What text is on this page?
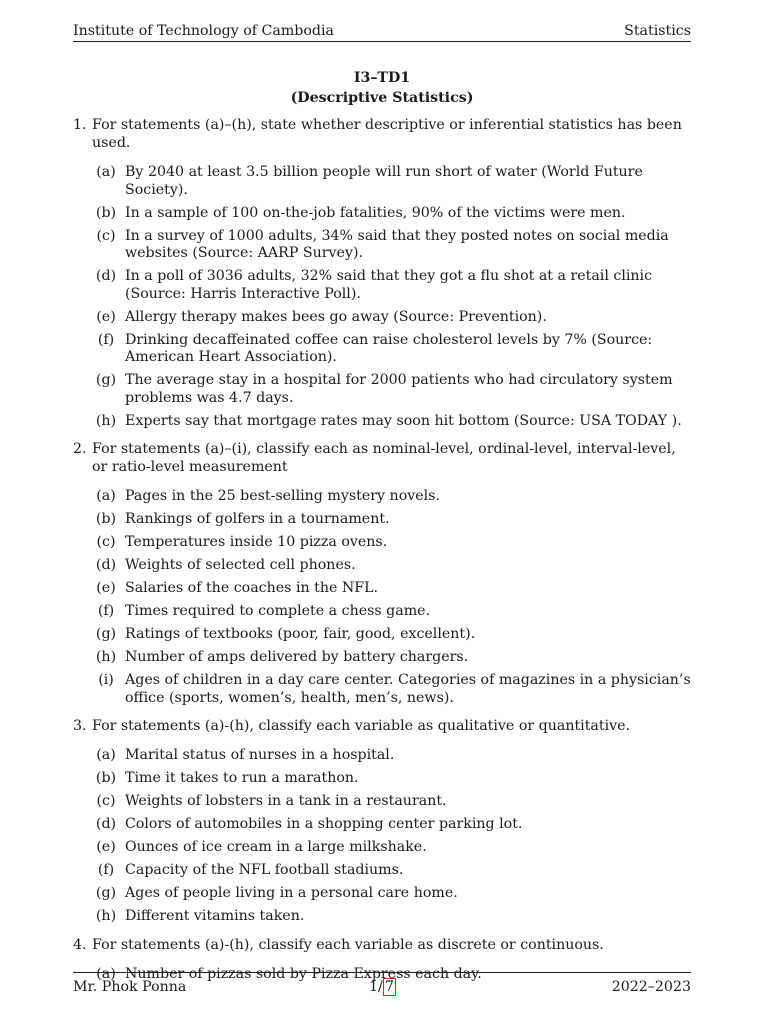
Institute of Technology of Cambodia	Statistics
I3–TD1
(Descriptive Statistics)
1. For statements (a)–(h), state whether descriptive or inferential statistics has been used.
(a) By 2040 at least 3.5 billion people will run short of water (World Future Society).
(b) In a sample of 100 on-the-job fatalities, 90% of the victims were men.
(c) In a survey of 1000 adults, 34% said that they posted notes on social media websites (Source: AARP Survey).
(d) In a poll of 3036 adults, 32% said that they got a flu shot at a retail clinic (Source: Harris Interactive Poll).
(e) Allergy therapy makes bees go away (Source: Prevention).
(f) Drinking decaffeinated coffee can raise cholesterol levels by 7% (Source: American Heart Association).
(g) The average stay in a hospital for 2000 patients who had circulatory system problems was 4.7 days.
(h) Experts say that mortgage rates may soon hit bottom (Source: USA TODAY ).
2. For statements (a)–(i), classify each as nominal-level, ordinal-level, interval-level, or ratio-level measurement
(a) Pages in the 25 best-selling mystery novels.
(b) Rankings of golfers in a tournament.
(c) Temperatures inside 10 pizza ovens.
(d) Weights of selected cell phones.
(e) Salaries of the coaches in the NFL.
(f) Times required to complete a chess game.
(g) Ratings of textbooks (poor, fair, good, excellent).
(h) Number of amps delivered by battery chargers.
(i) Ages of children in a day care center. Categories of magazines in a physician’s office (sports, women’s, health, men’s, news).
3. For statements (a)-(h), classify each variable as qualitative or quantitative.
(a) Marital status of nurses in a hospital.
(b) Time it takes to run a marathon.
(c) Weights of lobsters in a tank in a restaurant.
(d) Colors of automobiles in a shopping center parking lot.
(e) Ounces of ice cream in a large milkshake.
(f) Capacity of the NFL football stadiums.
(g) Ages of people living in a personal care home.
(h) Different vitamins taken.
4. For statements (a)-(h), classify each variable as discrete or continuous.
(a) Number of pizzas sold by Pizza Express each day.
Mr. Phok Ponna	1/ 7	2022–2023
